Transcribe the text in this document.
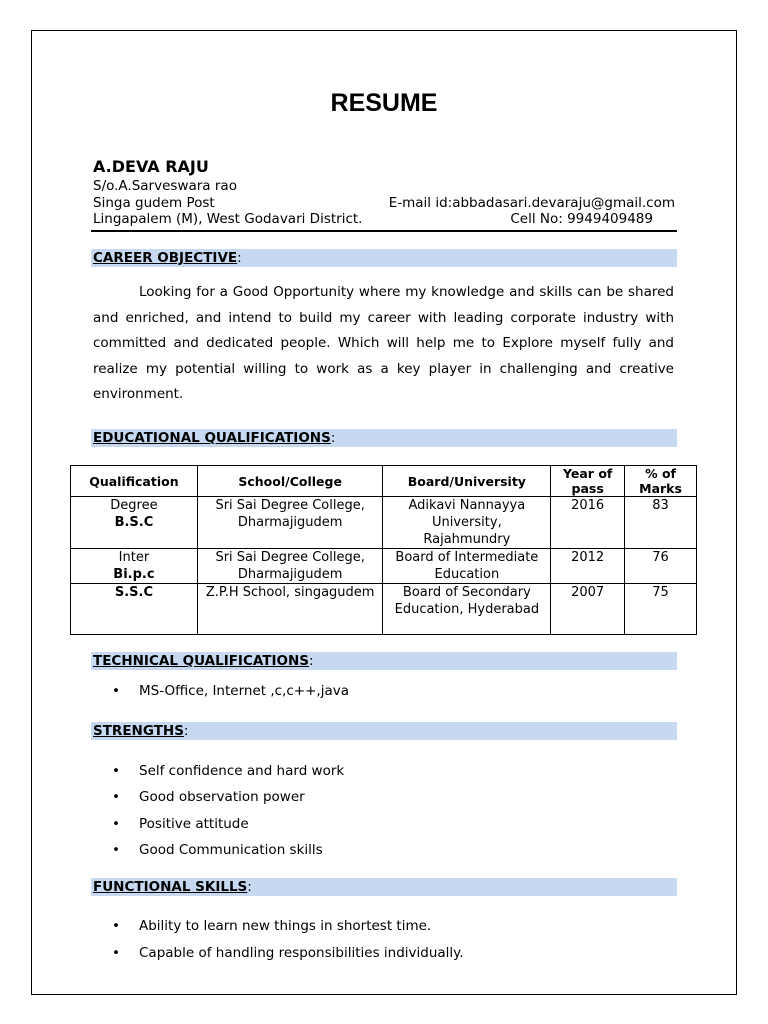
RESUME
A.DEVA RAJU
S/o.A.Sarveswara rao
Singa gudem Post
Lingapalem (M), West Godavari District.
E-mail id:abbadasari.devaraju@gmail.com
Cell No: 9949409489
CAREER OBJECTIVE:
Looking for a Good Opportunity where my knowledge and skills can be shared and enriched, and intend to build my career with leading corporate industry with committed and dedicated people. Which will help me to Explore myself fully and realize my potential willing to work as a key player in challenging and creative environment.
EDUCATIONAL QUALIFICATIONS:
Qualification	School/College	Board/University	Year of pass	% of Marks
Degree
B.S.C	Sri Sai Degree College, Dharmajigudem	Adikavi Nannayya University, Rajahmundry	2016	83
Inter
Bi.p.c	Sri Sai Degree College, Dharmajigudem	Board of Intermediate Education	2012	76
S.S.C	Z.P.H School, singagudem	Board of Secondary Education, Hyderabad	2007	75
TECHNICAL QUALIFICATIONS:
• MS-Office, Internet ,c,c++,java
STRENGTHS:
• Self confidence and hard work
• Good observation power
• Positive attitude
• Good Communication skills
FUNCTIONAL SKILLS:
• Ability to learn new things in shortest time.
• Capable of handling responsibilities individually.
